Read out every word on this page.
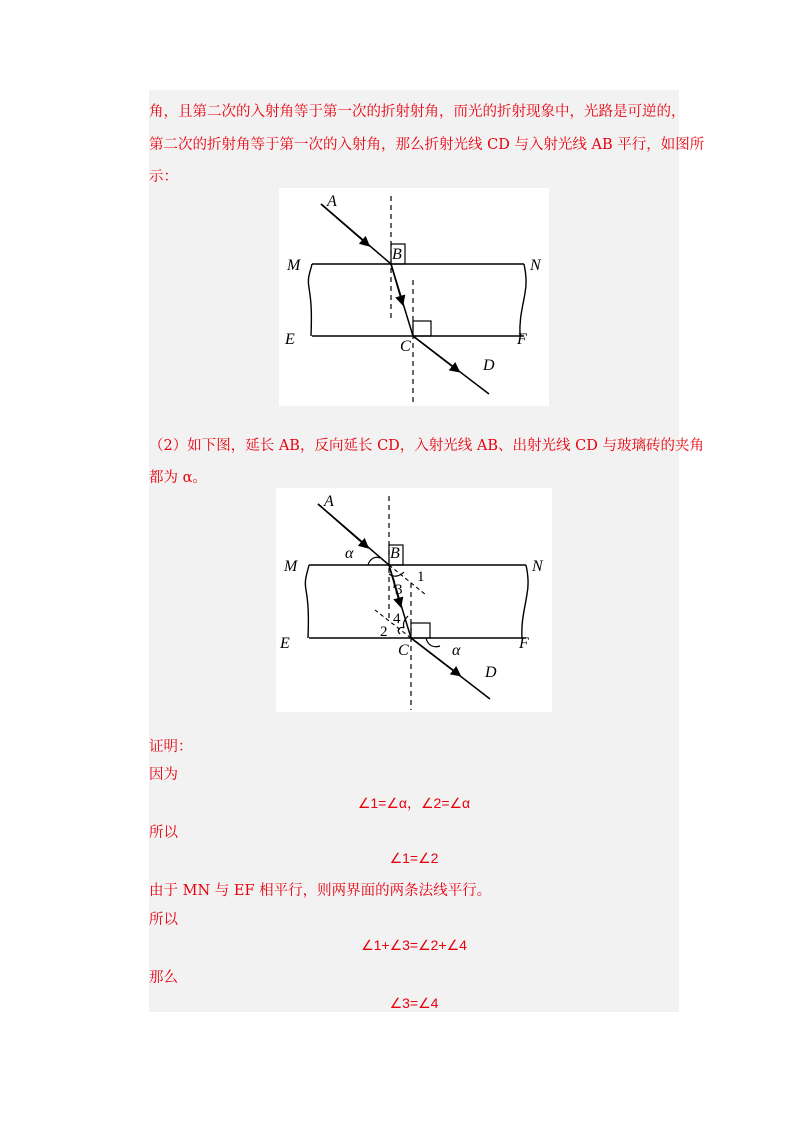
角，且第二次的入射角等于第一次的折射射角，而光的折射现象中，光路是可逆的，
第二次的折射角等于第一次的入射角，那么折射光线 CD 与入射光线 AB 平行，如图所
示：
A
B
M	N
E	F
C
D
（2）如下图，延长 AB，反向延长 CD，入射光线 AB、出射光线 CD 与玻璃砖的夹角
都为 α。
A
B
M	N
E	F
C
D
α
α
1
3
4
2
证明：
因为
∠1=∠α，∠2=∠α
所以
∠1=∠2
由于 MN 与 EF 相平行，则两界面的两条法线平行。
所以
∠1+∠3=∠2+∠4
那么
∠3=∠4
